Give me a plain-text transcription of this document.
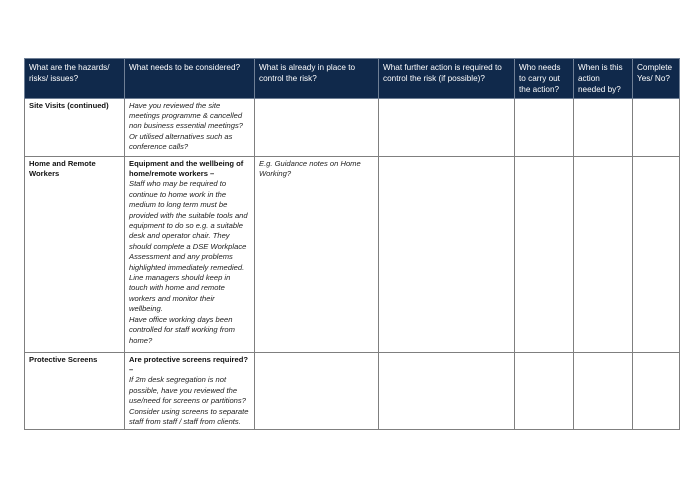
What are the hazards/ risks/ issues?	What needs to be considered?	What is already in place to control the risk?	What further action is required to control the risk (if possible)?	Who needs to carry out the action?	When is this action needed by?	Complete Yes/ No?
Site Visits (continued)	Have you reviewed the site meetings programme & cancelled non business essential meetings? Or utilised alternatives such as conference calls?					

Home and Remote Workers	Equipment and the wellbeing of home/remote workers –
Staff who may be required to continue to home work in the medium to long term must be provided with the suitable tools and equipment to do so e.g. a suitable desk and operator chair. They should complete a DSE Workplace Assessment and any problems highlighted immediately remedied.
Line managers should keep in touch with home and remote workers and monitor their wellbeing.
Have office working days been controlled for staff working from home?	E.g. Guidance notes on Home Working?				

Protective Screens	Are protective screens required? –
If 2m desk segregation is not possible, have you reviewed the use/need for screens or partitions? Consider using screens to separate staff from staff / staff from clients.					
